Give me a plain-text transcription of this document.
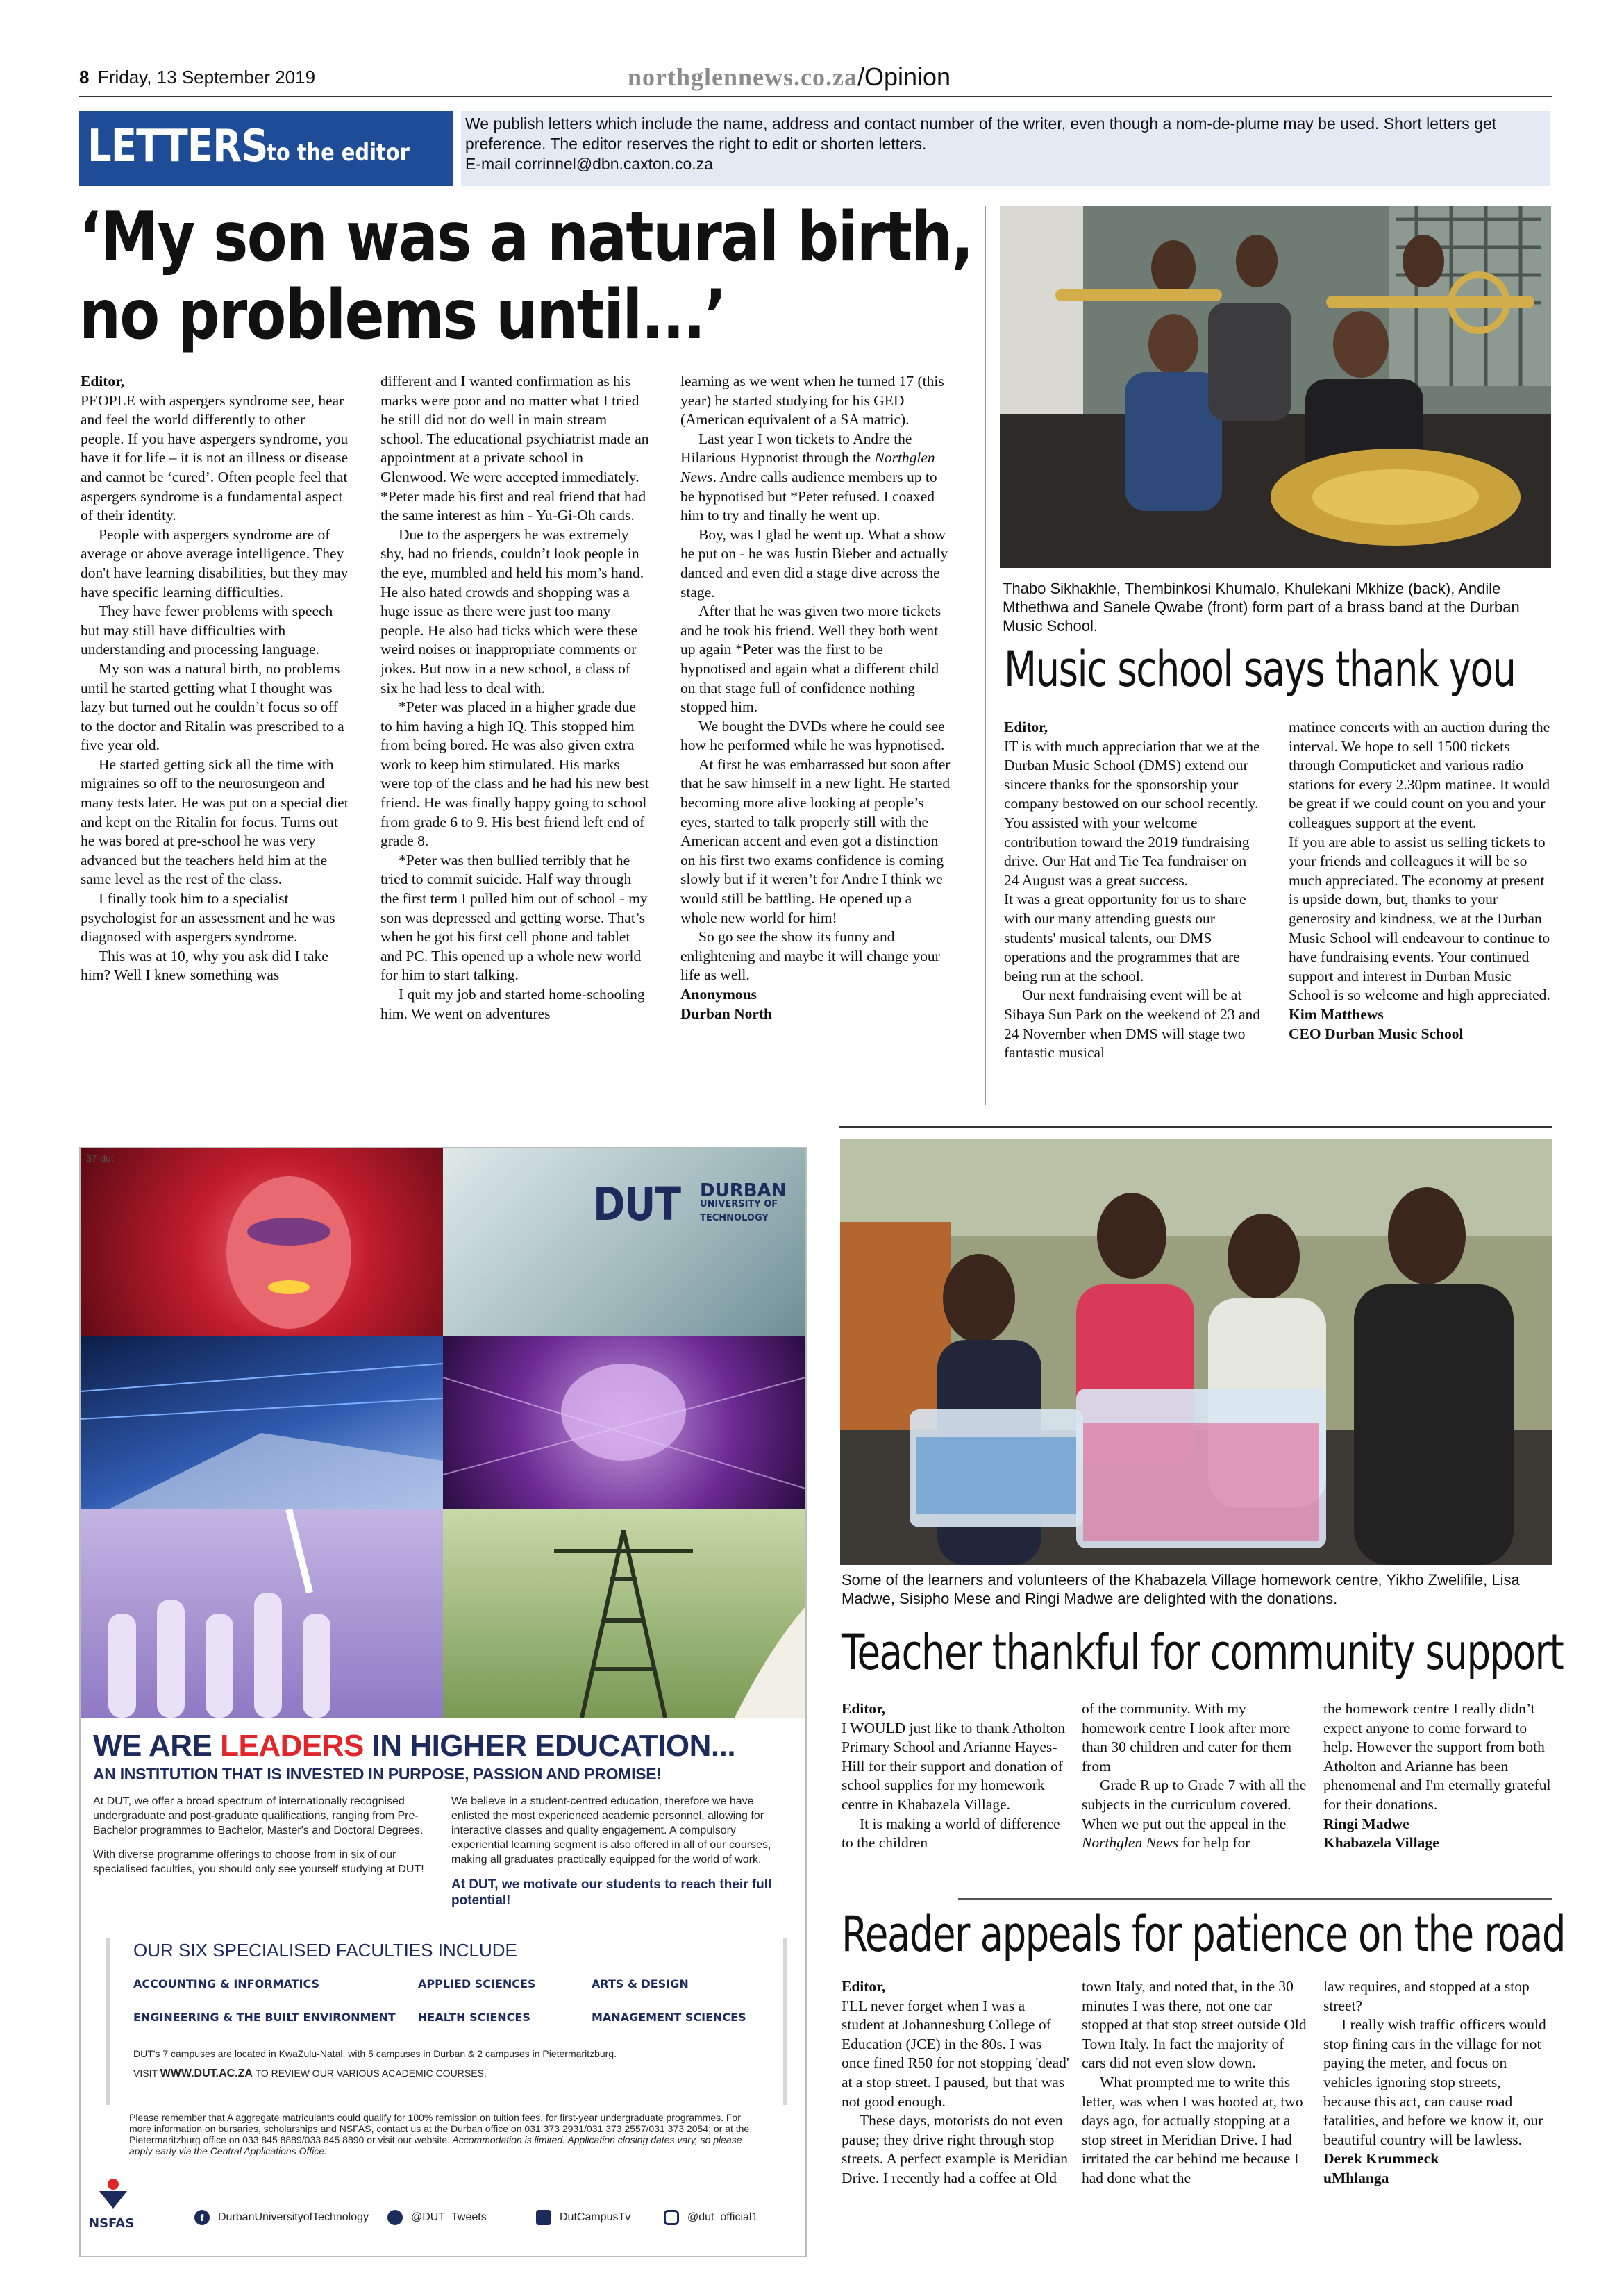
8 Friday, 13 September 2019	northglennews.co.za/Opinion
LETTERS
to the editor
We publish letters which include the name, address and contact number of the writer, even though a nom-de-plume may be used. Short letters get preference. The editor reserves the right to edit or shorten letters.
E-mail corrinnel@dbn.caxton.co.za
‘My son was a natural birth,
no problems until...’

Editor,

PEOPLE with aspergers syndrome see, hear and feel the world differently to other people. If you have aspergers syndrome, you have it for life – it is not an illness or disease and cannot be ‘cured’. Often people feel that aspergers syndrome is a fundamental aspect of their identity.

People with aspergers syndrome are of average or above average intelligence. They don't have learning disabilities, but they may have specific learning difficulties.

They have fewer problems with speech but may still have difficulties with understanding and processing language.

My son was a natural birth, no problems until he started getting what I thought was lazy but turned out he couldn’t focus so off to the doctor and Ritalin was prescribed to a five year old.

He started getting sick all the time with migraines so off to the neurosurgeon and many tests later. He was put on a special diet and kept on the Ritalin for focus. Turns out he was bored at pre-school he was very advanced but the teachers held him at the same level as the rest of the class.

I finally took him to a specialist psychologist for an assessment and he was diagnosed with aspergers syndrome.

This was at 10, why you ask did I take him? Well I knew something was

different and I wanted confirmation as his marks were poor and no matter what I tried he still did not do well in main stream school. The educational psychiatrist made an appointment at a private school in Glenwood. We were accepted immediately. *Peter made his first and real friend that had the same interest as him - Yu-Gi-Oh cards.

Due to the aspergers he was extremely shy, had no friends, couldn’t look people in the eye, mumbled and held his mom’s hand. He also hated crowds and shopping was a huge issue as there were just too many people. He also had ticks which were these weird noises or inappropriate comments or jokes. But now in a new school, a class of six he had less to deal with.

*Peter was placed in a higher grade due to him having a high IQ. This stopped him from being bored. He was also given extra work to keep him stimulated. His marks were top of the class and he had his new best friend. He was finally happy going to school from grade 6 to 9. His best friend left end of grade 8.

*Peter was then bullied terribly that he tried to commit suicide. Half way through the first term I pulled him out of school - my son was depressed and getting worse. That’s when he got his first cell phone and tablet and PC. This opened up a whole new world for him to start talking.

I quit my job and started home-schooling him. We went on adventures

learning as we went when he turned 17 (this year) he started studying for his GED (American equivalent of a SA matric).

Last year I won tickets to Andre the Hilarious Hypnotist through the Northglen News. Andre calls audience members up to be hypnotised but *Peter refused. I coaxed him to try and finally he went up.

Boy, was I glad he went up. What a show he put on - he was Justin Bieber and actually danced and even did a stage dive across the stage.

After that he was given two more tickets and he took his friend. Well they both went up again *Peter was the first to be hypnotised and again what a different child on that stage full of confidence nothing stopped him.

We bought the DVDs where he could see how he performed while he was hypnotised.

At first he was embarrassed but soon after that he saw himself in a new light. He started becoming more alive looking at people’s eyes, started to talk properly still with the American accent and even got a distinction on his first two exams confidence is coming slowly but if it weren’t for Andre I think we would still be battling. He opened up a whole new world for him!

So go see the show its funny and enlightening and maybe it will change your life as well.

Anonymous

Durban North

Thabo Sikhakhle, Thembinkosi Khumalo, Khulekani Mkhize (back), Andile Mthethwa and Sanele Qwabe (front) form part of a brass band at the Durban Music School.
Music school says thank you

Editor,

IT is with much appreciation that we at the Durban Music School (DMS) extend our sincere thanks for the sponsorship your company bestowed on our school recently. You assisted with your welcome contribution toward the 2019 fundraising drive. Our Hat and Tie Tea fundraiser on 24 August was a great success.

It was a great opportunity for us to share with our many attending guests our students' musical talents, our DMS operations and the programmes that are being run at the school.

Our next fundraising event will be at Sibaya Sun Park on the weekend of 23 and 24 November when DMS will stage two fantastic musical

matinee concerts with an auction during the interval. We hope to sell 1500 tickets through Computicket and various radio stations for every 2.30pm matinee. It would be great if we could count on you and your colleagues support at the event.

If you are able to assist us selling tickets to your friends and colleagues it will be so much appreciated. The economy at present is upside down, but, thanks to your generosity and kindness, we at the Durban Music School will endeavour to continue to have fundraising events. Your continued support and interest in Durban Music School is so welcome and high appreciated.

Kim Matthews

CEO Durban Music School

37-dut
DUT DURBAN
UNIVERSITY OF
TECHNOLOGY
WE ARE LEADERS IN HIGHER EDUCATION...
AN INSTITUTION THAT IS INVESTED IN PURPOSE, PASSION AND PROMISE!
At DUT, we offer a broad spectrum of internationally recognised undergraduate and post-graduate qualifications, ranging from Pre-Bachelor programmes to Bachelor, Master's and Doctoral Degrees.
With diverse programme offerings to choose from in six of our specialised faculties, you should only see yourself studying at DUT!
We believe in a student-centred education, therefore we have enlisted the most experienced academic personnel, allowing for interactive classes and quality engagement. A compulsory experiential learning segment is also offered in all of our courses, making all graduates practically equipped for the world of work.
At DUT, we motivate our students to reach their full potential!
OUR SIX SPECIALISED FACULTIES INCLUDE
ACCOUNTING & INFORMATICS	APPLIED SCIENCES	ARTS & DESIGN
ENGINEERING & THE BUILT ENVIRONMENT HEALTH SCIENCES	MANAGEMENT SCIENCES
DUT's 7 campuses are located in KwaZulu-Natal, with 5 campuses in Durban & 2 campuses in Pietermaritzburg.
VISIT WWW.DUT.AC.ZA TO REVIEW OUR VARIOUS ACADEMIC COURSES.
Please remember that A aggregate matriculants could qualify for 100% remission on tuition fees, for first-year undergraduate programmes. For more information on bursaries, scholarships and NSFAS, contact us at the Durban office on 031 373 2931/031 373 2557/031 373 2054; or at the Pietermaritzburg office on 033 845 8889/033 845 8890 or visit our website. Accommodation is limited. Application closing dates vary, so please apply early via the Central Applications Office.
NSFAS	f	DurbanUniversityofTechnology	@DUT_Tweets	DutCampusTv	@dut_official1
Some of the learners and volunteers of the Khabazela Village homework centre, Yikho Zwelifile, Lisa Madwe, Sisipho Mese and Ringi Madwe are delighted with the donations.
Teacher thankful for community support

Editor,

I WOULD just like to thank Atholton Primary School and Arianne Hayes-Hill for their support and donation of school supplies for my homework centre in Khabazela Village.

It is making a world of difference to the children

of the community. With my homework centre I look after more than 30 children and cater for them from

Grade R up to Grade 7 with all the subjects in the curriculum covered. When we put out the appeal in the Northglen News for help for

the homework centre I really didn’t expect anyone to come forward to help. However the support from both Atholton and Arianne has been phenomenal and I'm eternally grateful for their donations.

Ringi Madwe

Khabazela Village

Reader appeals for patience on the road

Editor,

I'LL never forget when I was a student at Johannesburg College of Education (JCE) in the 80s. I was once fined R50 for not stopping 'dead' at a stop street. I paused, but that was not good enough.

These days, motorists do not even pause; they drive right through stop streets. A perfect example is Meridian Drive. I recently had a coffee at Old

town Italy, and noted that, in the 30 minutes I was there, not one car stopped at that stop street outside Old Town Italy. In fact the majority of cars did not even slow down.

What prompted me to write this letter, was when I was hooted at, two days ago, for actually stopping at a stop street in Meridian Drive. I had irritated the car behind me because I had done what the

law requires, and stopped at a stop street?

I really wish traffic officers would stop fining cars in the village for not paying the meter, and focus on vehicles ignoring stop streets, because this act, can cause road fatalities, and before we know it, our beautiful country will be lawless.

Derek Krummeck

uMhlanga
